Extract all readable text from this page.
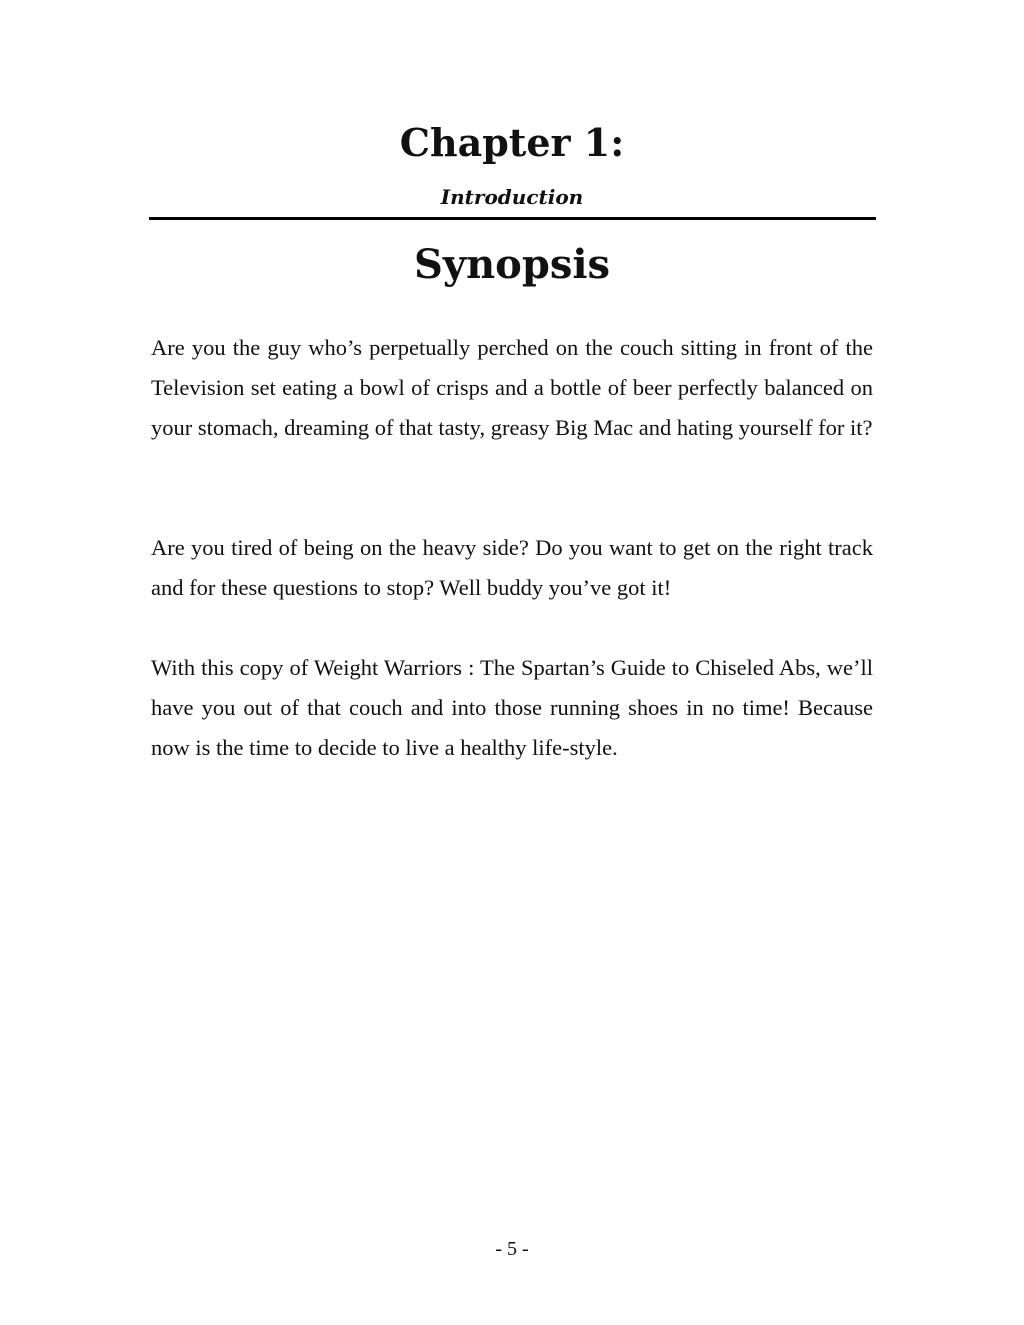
Chapter 1:
Introduction
Synopsis

Are you the guy who’s perpetually perched on the couch sitting in front of the Television set eating a bowl of crisps and a bottle of beer perfectly balanced on your stomach, dreaming of that tasty, greasy Big Mac and hating yourself for it?

Are you tired of being on the heavy side? Do you want to get on the right track and for these questions to stop? Well buddy you’ve got it!

With this copy of Weight Warriors : The Spartan’s Guide to Chiseled Abs, we’ll have you out of that couch and into those running shoes in no time! Because now is the time to decide to live a healthy life-style.

- 5 -
